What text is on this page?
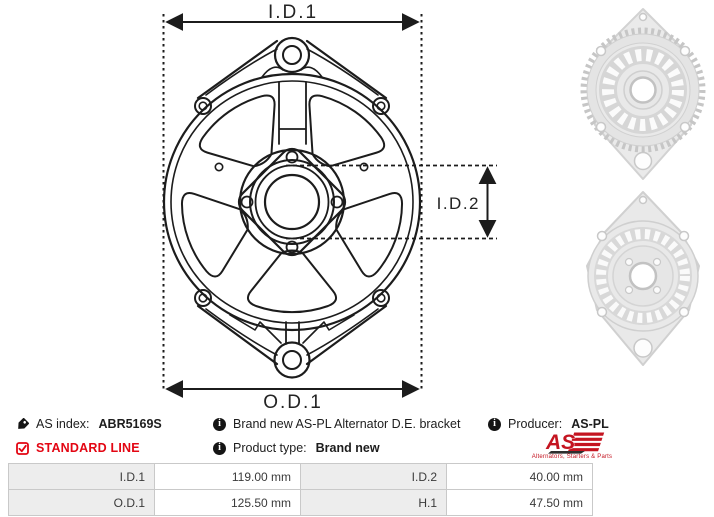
I.D.1
O.D.1
I.D.2
AS index: ABR5169S
STANDARD LINE
i Brand new AS-PL Alternator D.E. bracket
i Product type: Brand new
i Producer: AS-PL
AS
Alternators, Starters & Parts
I.D.1	119.00 mm	I.D.2	40.00 mm
O.D.1	125.50 mm	H.1	47.50 mm
